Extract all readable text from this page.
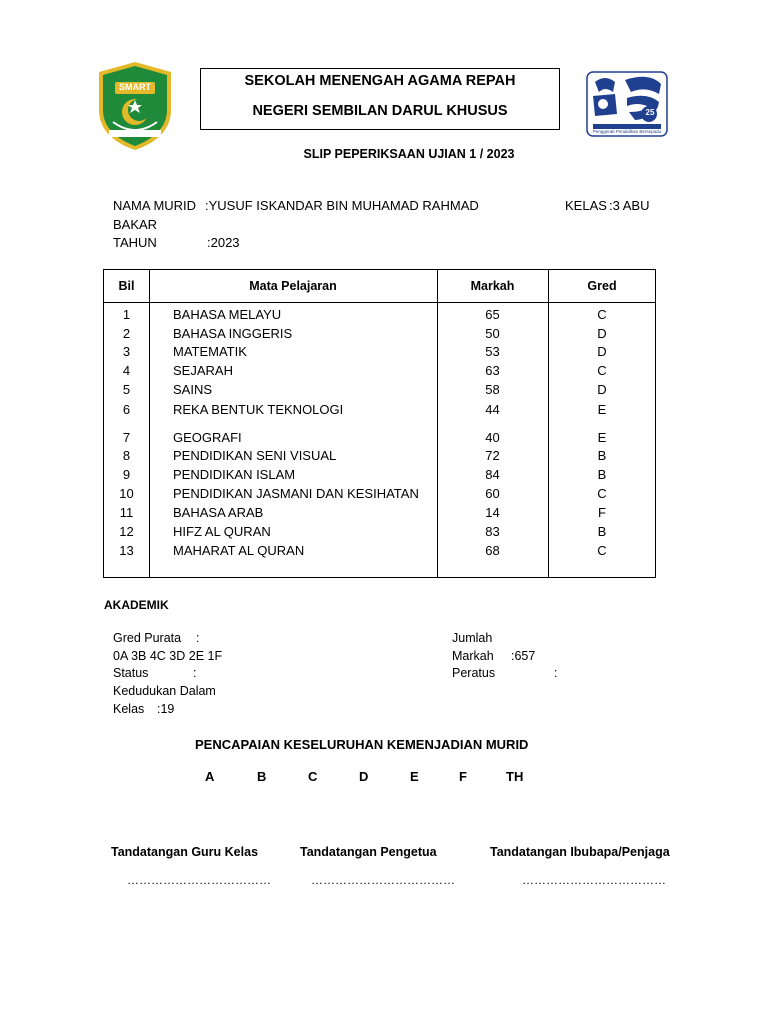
SMART	SEKOLAH MENENGAH AGAMA REPAH
NEGERI SEMBILAN DARUL KHUSUS	25
Penggerak Pendidikan Bersepadu
SLIP PEPERIKSAAN UJIAN 1 / 2023
NAMA MURID :YUSUF ISKANDAR BIN MUHAMAD RAHMAD
BAKAR
KELAS :3 ABU
TAHUN	:2023
Bil	Mata Pelajaran	Markah	Gred
1	BAHASA MELAYU	65	C
2	BAHASA INGGERIS	50	D
3	MATEMATIK	53	D
4	SEJARAH	63	C
5	SAINS	58	D
6	REKA BENTUK TEKNOLOGI	44	E
7	GEOGRAFI	40	E
8	PENDIDIKAN SENI VISUAL	72	B
9	PENDIDIKAN ISLAM	84	B
10	PENDIDIKAN JASMANI DAN KESIHATAN	60	C
11	BAHASA ARAB	14	F
12	HIFZ AL QURAN	83	B
13	MAHARAT AL QURAN	68	C
AKADEMIK
Gred Purata :
0A 3B 4C 3D 2E 1F
Status	:
Kedudukan Dalam
Kelas :19
Jumlah
Markah :657
Peratus	:
PENCAPAIAN KESELURUHAN KEMENJADIAN MURID
A	B	C	D	E	F	TH
Tandatangan Guru Kelas	Tandatangan Pengetua	Tandatangan Ibubapa/Penjaga
………………………………	………………………………	………………………………
